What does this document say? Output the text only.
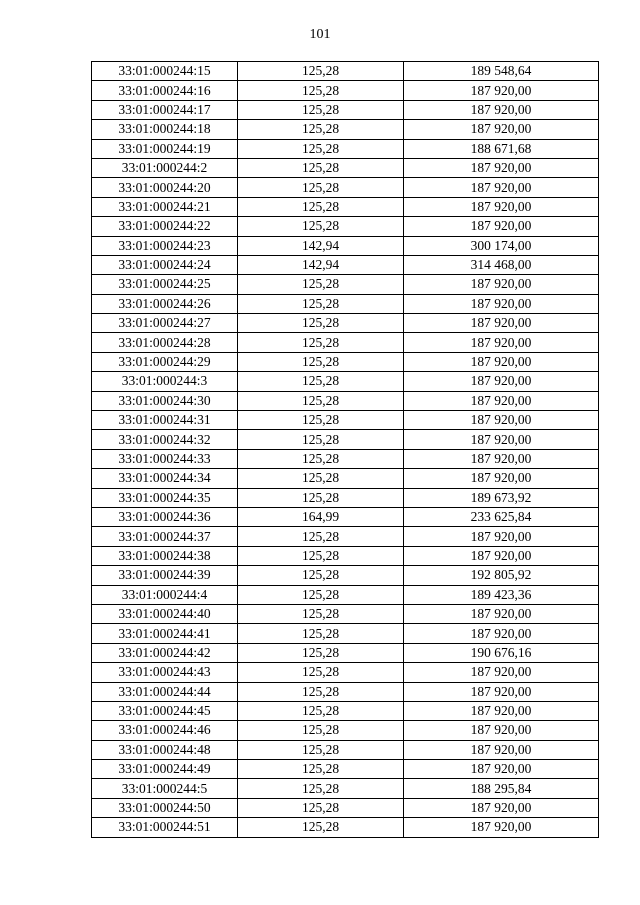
101
33:01:000244:15	125,28	189 548,64
33:01:000244:16	125,28	187 920,00
33:01:000244:17	125,28	187 920,00
33:01:000244:18	125,28	187 920,00
33:01:000244:19	125,28	188 671,68
33:01:000244:2	125,28	187 920,00
33:01:000244:20	125,28	187 920,00
33:01:000244:21	125,28	187 920,00
33:01:000244:22	125,28	187 920,00
33:01:000244:23	142,94	300 174,00
33:01:000244:24	142,94	314 468,00
33:01:000244:25	125,28	187 920,00
33:01:000244:26	125,28	187 920,00
33:01:000244:27	125,28	187 920,00
33:01:000244:28	125,28	187 920,00
33:01:000244:29	125,28	187 920,00
33:01:000244:3	125,28	187 920,00
33:01:000244:30	125,28	187 920,00
33:01:000244:31	125,28	187 920,00
33:01:000244:32	125,28	187 920,00
33:01:000244:33	125,28	187 920,00
33:01:000244:34	125,28	187 920,00
33:01:000244:35	125,28	189 673,92
33:01:000244:36	164,99	233 625,84
33:01:000244:37	125,28	187 920,00
33:01:000244:38	125,28	187 920,00
33:01:000244:39	125,28	192 805,92
33:01:000244:4	125,28	189 423,36
33:01:000244:40	125,28	187 920,00
33:01:000244:41	125,28	187 920,00
33:01:000244:42	125,28	190 676,16
33:01:000244:43	125,28	187 920,00
33:01:000244:44	125,28	187 920,00
33:01:000244:45	125,28	187 920,00
33:01:000244:46	125,28	187 920,00
33:01:000244:48	125,28	187 920,00
33:01:000244:49	125,28	187 920,00
33:01:000244:5	125,28	188 295,84
33:01:000244:50	125,28	187 920,00
33:01:000244:51	125,28	187 920,00
